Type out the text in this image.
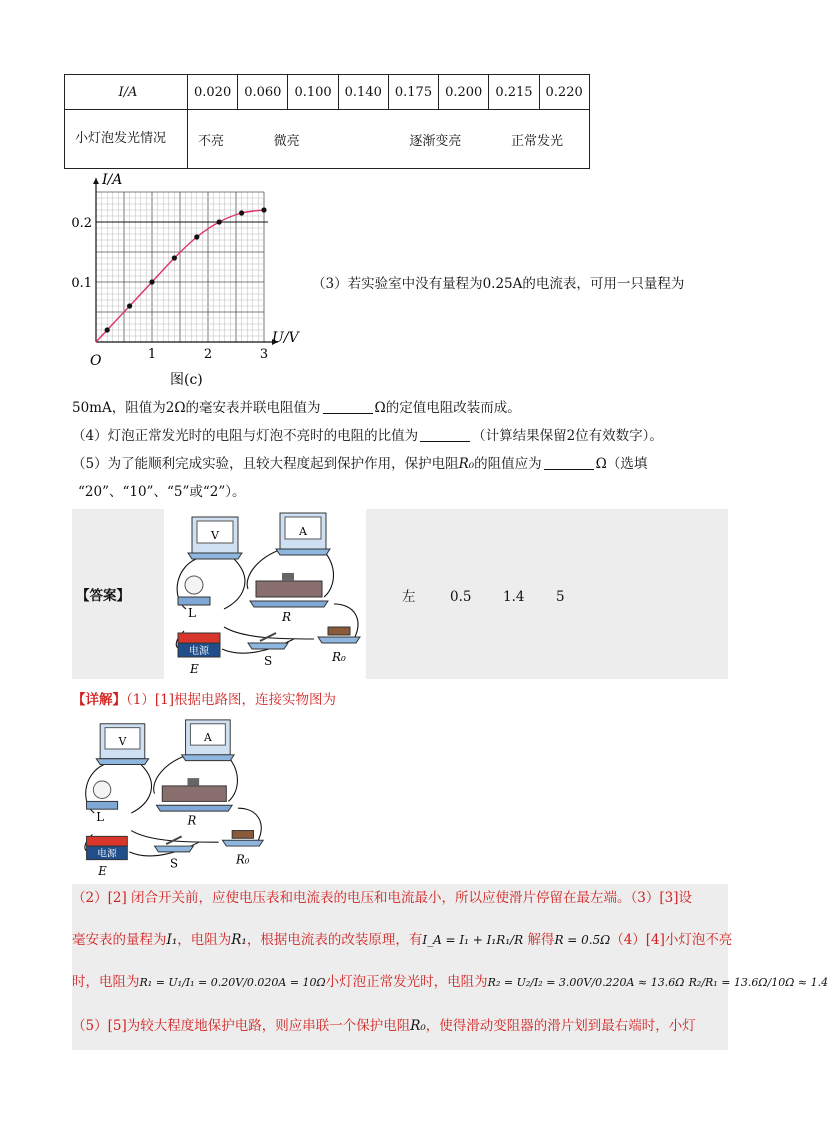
I/A	0.020	0.060	0.100	0.140	0.175	0.200	0.215	0.220
小灯泡发光情况	不亮 微亮 逐渐变亮 正常发光							
I/A
U/V
O	1	2	3
0.1
0.2
图(c)
（3）若实验室中没有量程为0.25A的电流表，可用一只量程为
50mA，阻值为2Ω的毫安表并联电阻值为	Ω的定值电阻改装而成。
（4）灯泡正常发光时的电阻与灯泡不亮时的电阻的比值为	（计算结果保留2位有效数字）。
（5）为了能顺利完成实验，且较大程度起到保护作用，保护电阻R₀的阻值应为	Ω（选填
“20”、“10”、“5”或“2”）。
【答案】
V	A
L	R
电源
E
S	R₀
左	0.5 1.4 5
【详解】（1）[1]根据电路图，连接实物图为
V	A
L	R
电源
E
S	R₀
（2）[2] 闭合开关前，应使电压表和电流表的电压和电流最小，所以应使滑片停留在最左端。（3）[3]设
毫安表的量程为I₁，电阻为R₁，根据电流表的改装原理，有I_A = I₁ + I₁R₁/R 解得R = 0.5Ω（4）[4]小灯泡不亮
时，电阻为R₁ = U₁/I₁ = 0.20V/0.020A = 10Ω小灯泡正常发光时，电阻为R₂ = U₂/I₂ = 3.00V/0.220A ≈ 13.6Ω R₂/R₁ = 13.6Ω/10Ω ≈ 1.4
（5）[5]为较大程度地保护电路，则应串联一个保护电阻R₀，使得滑动变阻器的滑片划到最右端时，小灯
